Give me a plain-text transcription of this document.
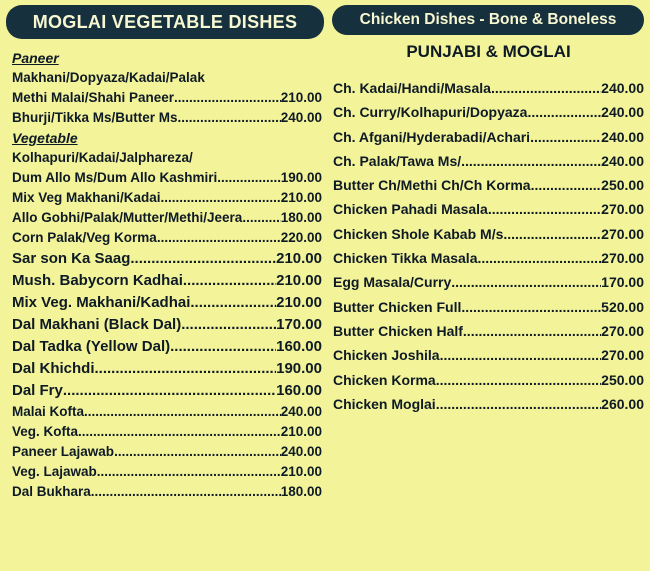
MOGLAI VEGETABLE DISHES	Chicken Dishes - Bone & Boneless
PUNJABI & MOGLAI
Paneer
Makhani/Dopyaza/Kadai/Palak
Methi Malai/Shahi Paneer .....	210.00
Bhurji/Tikka Ms/Butter Ms .....	240.00
Vegetable
Kolhapuri/Kadai/Jalphareza/
Dum Allo Ms/Dum Allo Kashmiri .....	190.00
Mix Veg Makhani/Kadai .....	210.00
Allo Gobhi/Palak/Mutter/Methi/Jeera .....	180.00
Corn Palak/Veg Korma .....	220.00
Sar son Ka Saag .....	210.00
Mush. Babycorn Kadhai .....	210.00
Mix Veg. Makhani/Kadhai .....	210.00
Dal Makhani (Black Dal) .....	170.00
Dal Tadka (Yellow Dal) .....	160.00
Dal Khichdi .....	190.00
Dal Fry .....	160.00
Malai Kofta .....	240.00
Veg. Kofta .....	210.00
Paneer Lajawab .....	240.00
Veg. Lajawab .....	210.00
Dal Bukhara .....	180.00
Ch. Kadai/Handi/Masala .....	240.00
Ch. Curry/Kolhapuri/Dopyaza .....	240.00
Ch. Afgani/Hyderabadi/Achari .....	240.00
Ch. Palak/Tawa Ms/ .....	240.00
Butter Ch/Methi Ch/Ch Korma .....	250.00
Chicken Pahadi Masala .....	270.00
Chicken Shole Kabab M/s .....	270.00
Chicken Tikka Masala .....	270.00
Egg Masala/Curry .....	170.00
Butter Chicken Full .....	520.00
Butter Chicken Half .....	270.00
Chicken Joshila .....	270.00
Chicken Korma .....	250.00
Chicken Moglai .....	260.00
